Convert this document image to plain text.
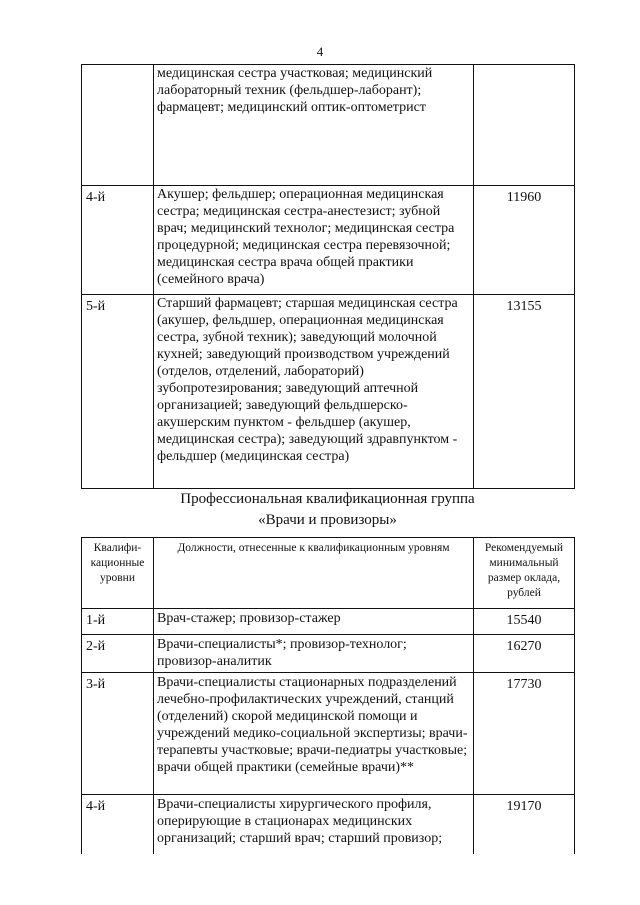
4
	медицинская сестра участковая; медицинский лабораторный техник (фельдшер-лаборант); фармацевт; медицинский оптик-оптометрист	
4-й	Акушер; фельдшер; операционная медицинская сестра; медицинская сестра-анестезист; зубной врач; медицинский технолог; медицинская сестра процедурной; медицинская сестра перевязочной; медицинская сестра врача общей практики (семейного врача)	11960
5-й	Старший фармацевт; старшая медицинская сестра (акушер, фельдшер, операционная медицинская сестра, зубной техник); заведующий молочной кухней; заведующий производством учреждений (отделов, отделений, лабораторий) зубопротезирования; заведующий аптечной организацией; заведующий фельдшерско-акушерским пунктом - фельдшер (акушер, медицинская сестра); заведующий здравпунктом - фельдшер (медицинская сестра)	13155
Профессиональная квалификационная группа
«Врачи и провизоры»
Квалифи-кационные уровни	Должности, отнесенные к квалификационным уровням	Рекомендуемый минимальный размер оклада, рублей
1-й	Врач-стажер; провизор-стажер	15540
2-й	Врачи-специалисты*; провизор-технолог; провизор-аналитик	16270
3-й	Врачи-специалисты стационарных подразделений лечебно-профилактических учреждений, станций (отделений) скорой медицинской помощи и учреждений медико-социальной экспертизы; врачи-терапевты участковые; врачи-педиатры участковые; врачи общей практики (семейные врачи)**	17730
4-й	Врачи-специалисты хирургического профиля, оперирующие в стационарах медицинских организаций; старший врач; старший провизор;	19170
